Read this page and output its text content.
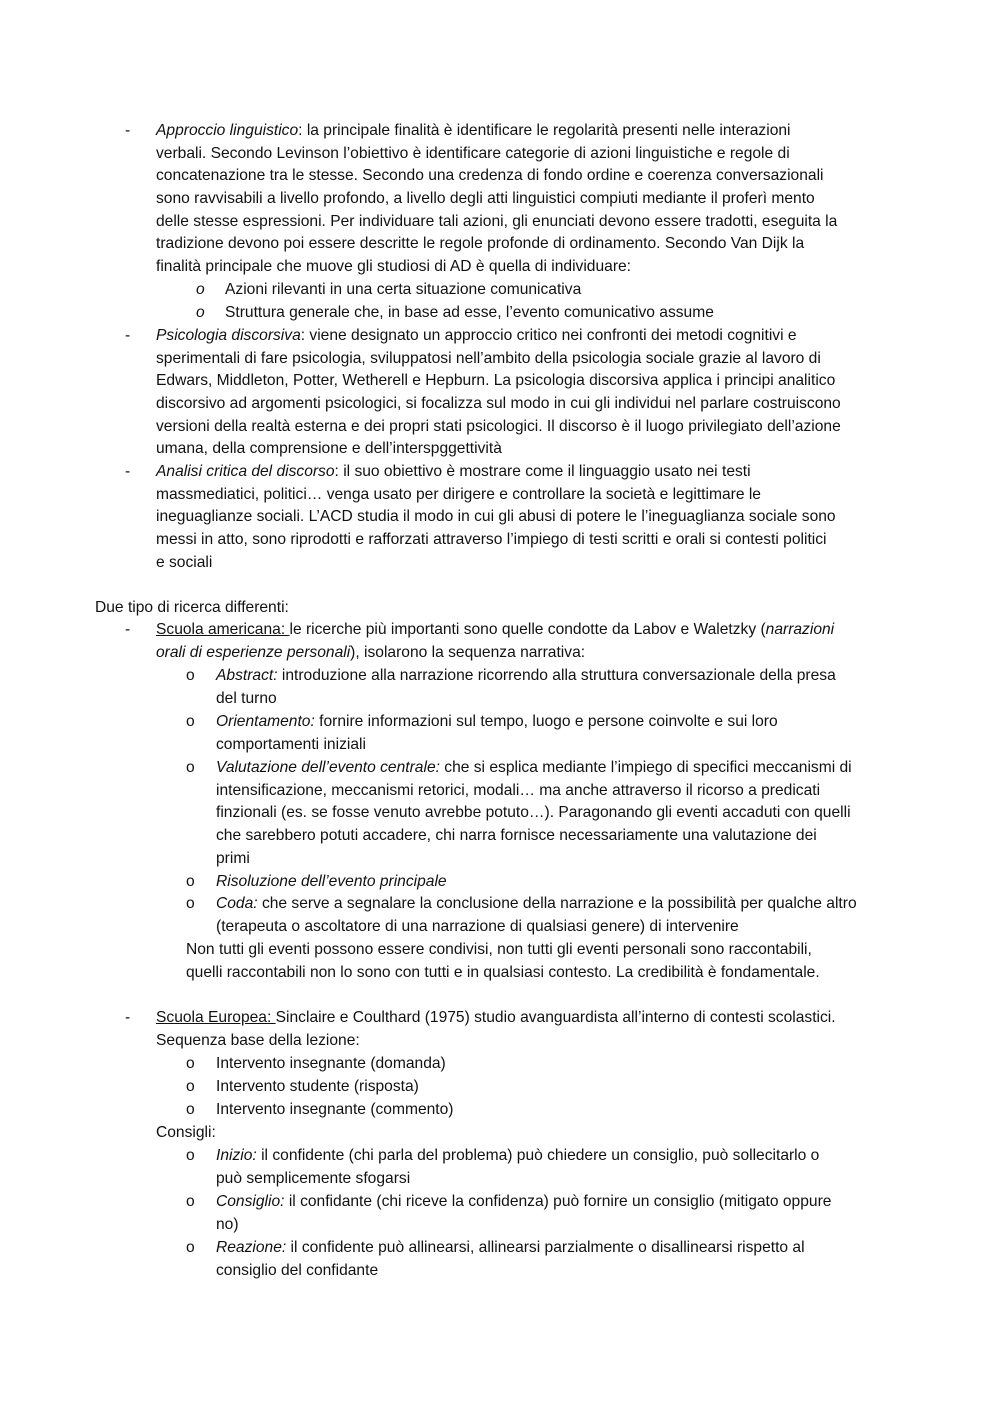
-	Approccio linguistico: la principale finalità è identificare le regolarità presenti nelle interazioni
verbali. Secondo Levinson l’obiettivo è identificare categorie di azioni linguistiche e regole di
concatenazione tra le stesse. Secondo una credenza di fondo ordine e coerenza conversazionali
sono ravvisabili a livello profondo, a livello degli atti linguistici compiuti mediante il proferì mento
delle stesse espressioni. Per individuare tali azioni, gli enunciati devono essere tradotti, eseguita la
tradizione devono poi essere descritte le regole profonde di ordinamento. Secondo Van Dijk la
finalità principale che muove gli studiosi di AD è quella di individuare:
o	Azioni rilevanti in una certa situazione comunicativa
o	Struttura generale che, in base ad esse, l’evento comunicativo assume
-	Psicologia discorsiva: viene designato un approccio critico nei confronti dei metodi cognitivi e
sperimentali di fare psicologia, sviluppatosi nell’ambito della psicologia sociale grazie al lavoro di
Edwars, Middleton, Potter, Wetherell e Hepburn. La psicologia discorsiva applica i principi analitico
discorsivo ad argomenti psicologici, si focalizza sul modo in cui gli individui nel parlare costruiscono
versioni della realtà esterna e dei propri stati psicologici. Il discorso è il luogo privilegiato dell’azione
umana, della comprensione e dell’interspggettività
-	Analisi critica del discorso: il suo obiettivo è mostrare come il linguaggio usato nei testi
massmediatici, politici… venga usato per dirigere e controllare la società e legittimare le
ineguaglianze sociali. L’ACD studia il modo in cui gli abusi di potere le l’ineguaglianza sociale sono
messi in atto, sono riprodotti e rafforzati attraverso l’impiego di testi scritti e orali si contesti politici
e sociali
Due tipo di ricerca differenti:
-	Scuola americana: le ricerche più importanti sono quelle condotte da Labov e Waletzky (narrazioni
orali di esperienze personali), isolarono la sequenza narrativa:
o	Abstract: introduzione alla narrazione ricorrendo alla struttura conversazionale della presa
del turno
o	Orientamento: fornire informazioni sul tempo, luogo e persone coinvolte e sui loro
comportamenti iniziali
o	Valutazione dell’evento centrale: che si esplica mediante l’impiego di specifici meccanismi di
intensificazione, meccanismi retorici, modali… ma anche attraverso il ricorso a predicati
finzionali (es. se fosse venuto avrebbe potuto…). Paragonando gli eventi accaduti con quelli
che sarebbero potuti accadere, chi narra fornisce necessariamente una valutazione dei
primi
o	Risoluzione dell’evento principale
o	Coda: che serve a segnalare la conclusione della narrazione e la possibilità per qualche altro
(terapeuta o ascoltatore di una narrazione di qualsiasi genere) di intervenire
Non tutti gli eventi possono essere condivisi, non tutti gli eventi personali sono raccontabili,
quelli raccontabili non lo sono con tutti e in qualsiasi contesto. La credibilità è fondamentale.
-	Scuola Europea: Sinclaire e Coulthard (1975) studio avanguardista all’interno di contesti scolastici.
Sequenza base della lezione:
o	Intervento insegnante (domanda)
o	Intervento studente (risposta)
o	Intervento insegnante (commento)
Consigli:
o	Inizio: il confidente (chi parla del problema) può chiedere un consiglio, può sollecitarlo o
può semplicemente sfogarsi
o	Consiglio: il confidante (chi riceve la confidenza) può fornire un consiglio (mitigato oppure
no)
o	Reazione: il confidente può allinearsi, allinearsi parzialmente o disallinearsi rispetto al
consiglio del confidante
